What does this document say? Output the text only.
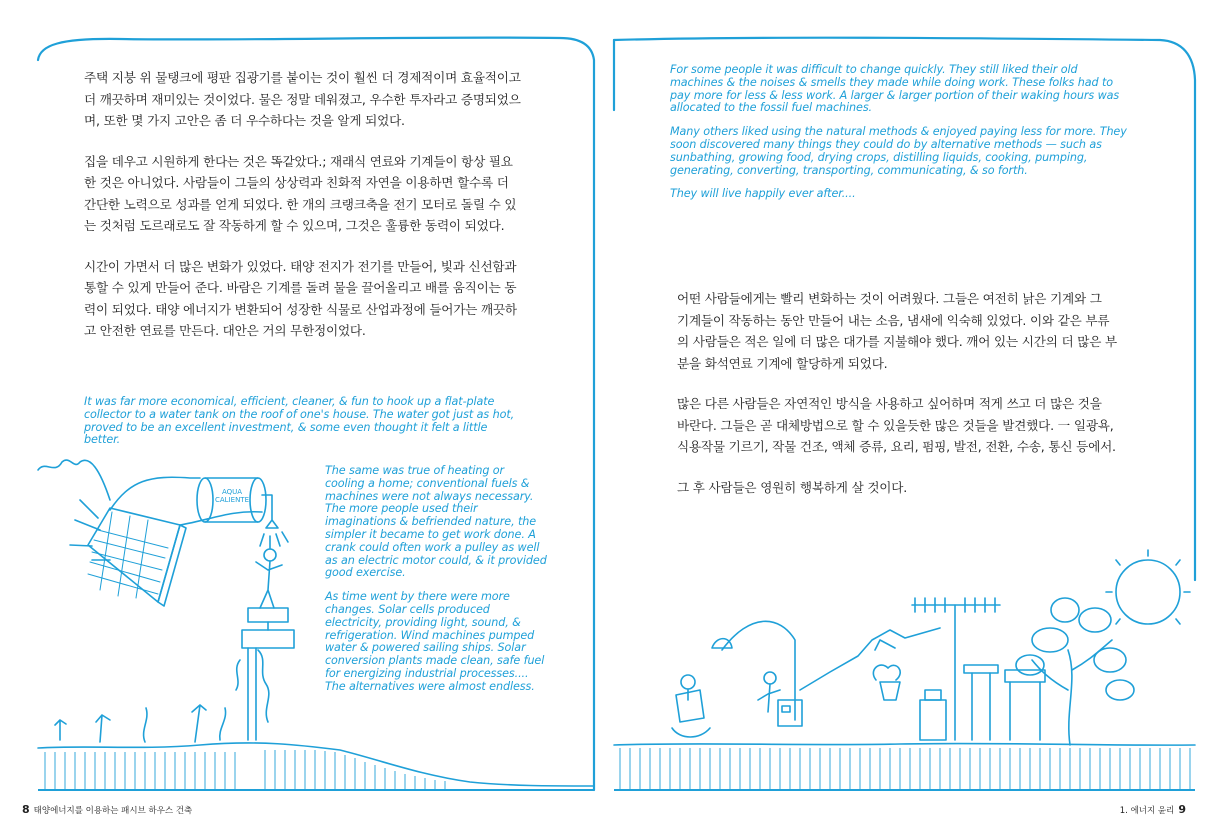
AQUA CALIENTE

주택 지붕 위 물탱크에 평판 집광기를 붙이는 것이 훨씬 더 경제적이며 효율적이고 더 깨끗하며 재미있는 것이었다. 물은 정말 데워졌고, 우수한 투자라고 증명되었으며, 또한 몇 가지 고안은 좀 더 우수하다는 것을 알게 되었다.

집을 데우고 시원하게 한다는 것은 똑같았다.; 재래식 연료와 기계들이 항상 필요한 것은 아니었다. 사람들이 그들의 상상력과 친화적 자연을 이용하면 할수록 더 간단한 노력으로 성과를 얻게 되었다. 한 개의 크랭크축을 전기 모터로 돌릴 수 있는 것처럼 도르래로도 잘 작동하게 할 수 있으며, 그것은 훌륭한 동력이 되었다.

시간이 가면서 더 많은 변화가 있었다. 태양 전지가 전기를 만들어, 빛과 신선함과 통할 수 있게 만들어 준다. 바람은 기계를 돌려 물을 끌어올리고 배를 움직이는 동력이 되었다. 태양 에너지가 변환되어 성장한 식물로 산업과정에 들어가는 깨끗하고 안전한 연료를 만든다. 대안은 거의 무한정이었다.

It was far more economical, efficient, cleaner, & fun to hook up a flat-plate collector to a water tank on the roof of one's house. The water got just as hot, proved to be an excellent investment, & some even thought it felt a little better.

The same was true of heating or cooling a home; conventional fuels & machines were not always necessary. The more people used their imaginations & befriended nature, the simpler it became to get work done. A crank could often work a pulley as well as an electric motor could, & it provided good exercise.

As time went by there were more changes. Solar cells produced electricity, providing light, sound, & refrigeration. Wind machines pumped water & powered sailing ships. Solar conversion plants made clean, safe fuel for energizing industrial processes.... The alternatives were almost endless.

For some people it was difficult to change quickly. They still liked their old machines & the noises & smells they made while doing work. These folks had to pay more for less & less work. A larger & larger portion of their waking hours was allocated to the fossil fuel machines.

Many others liked using the natural methods & enjoyed paying less for more. They soon discovered many things they could do by alternative methods — such as sunbathing, growing food, drying crops, distilling liquids, cooking, pumping, generating, converting, transporting, communicating, & so forth.

They will live happily ever after....

어떤 사람들에게는 빨리 변화하는 것이 어려웠다. 그들은 여전히 낡은 기계와 그 기계들이 작동하는 동안 만들어 내는 소음, 냄새에 익숙해 있었다. 이와 같은 부류의 사람들은 적은 일에 더 많은 대가를 지불해야 했다. 깨어 있는 시간의 더 많은 부분을 화석연료 기계에 할당하게 되었다.

많은 다른 사람들은 자연적인 방식을 사용하고 싶어하며 적게 쓰고 더 많은 것을 바란다. 그들은 곧 대체방법으로 할 수 있을듯한 많은 것들을 발견했다. 一 일광욕, 식용작물 기르기, 작물 건조, 액체 증류, 요리, 펌핑, 발전, 전환, 수송, 통신 등에서.

그 후 사람들은 영원히 행복하게 살 것이다.

8 태양에너지를 이용하는 패시브 하우스 건축	1. 에너지 윤리 9
